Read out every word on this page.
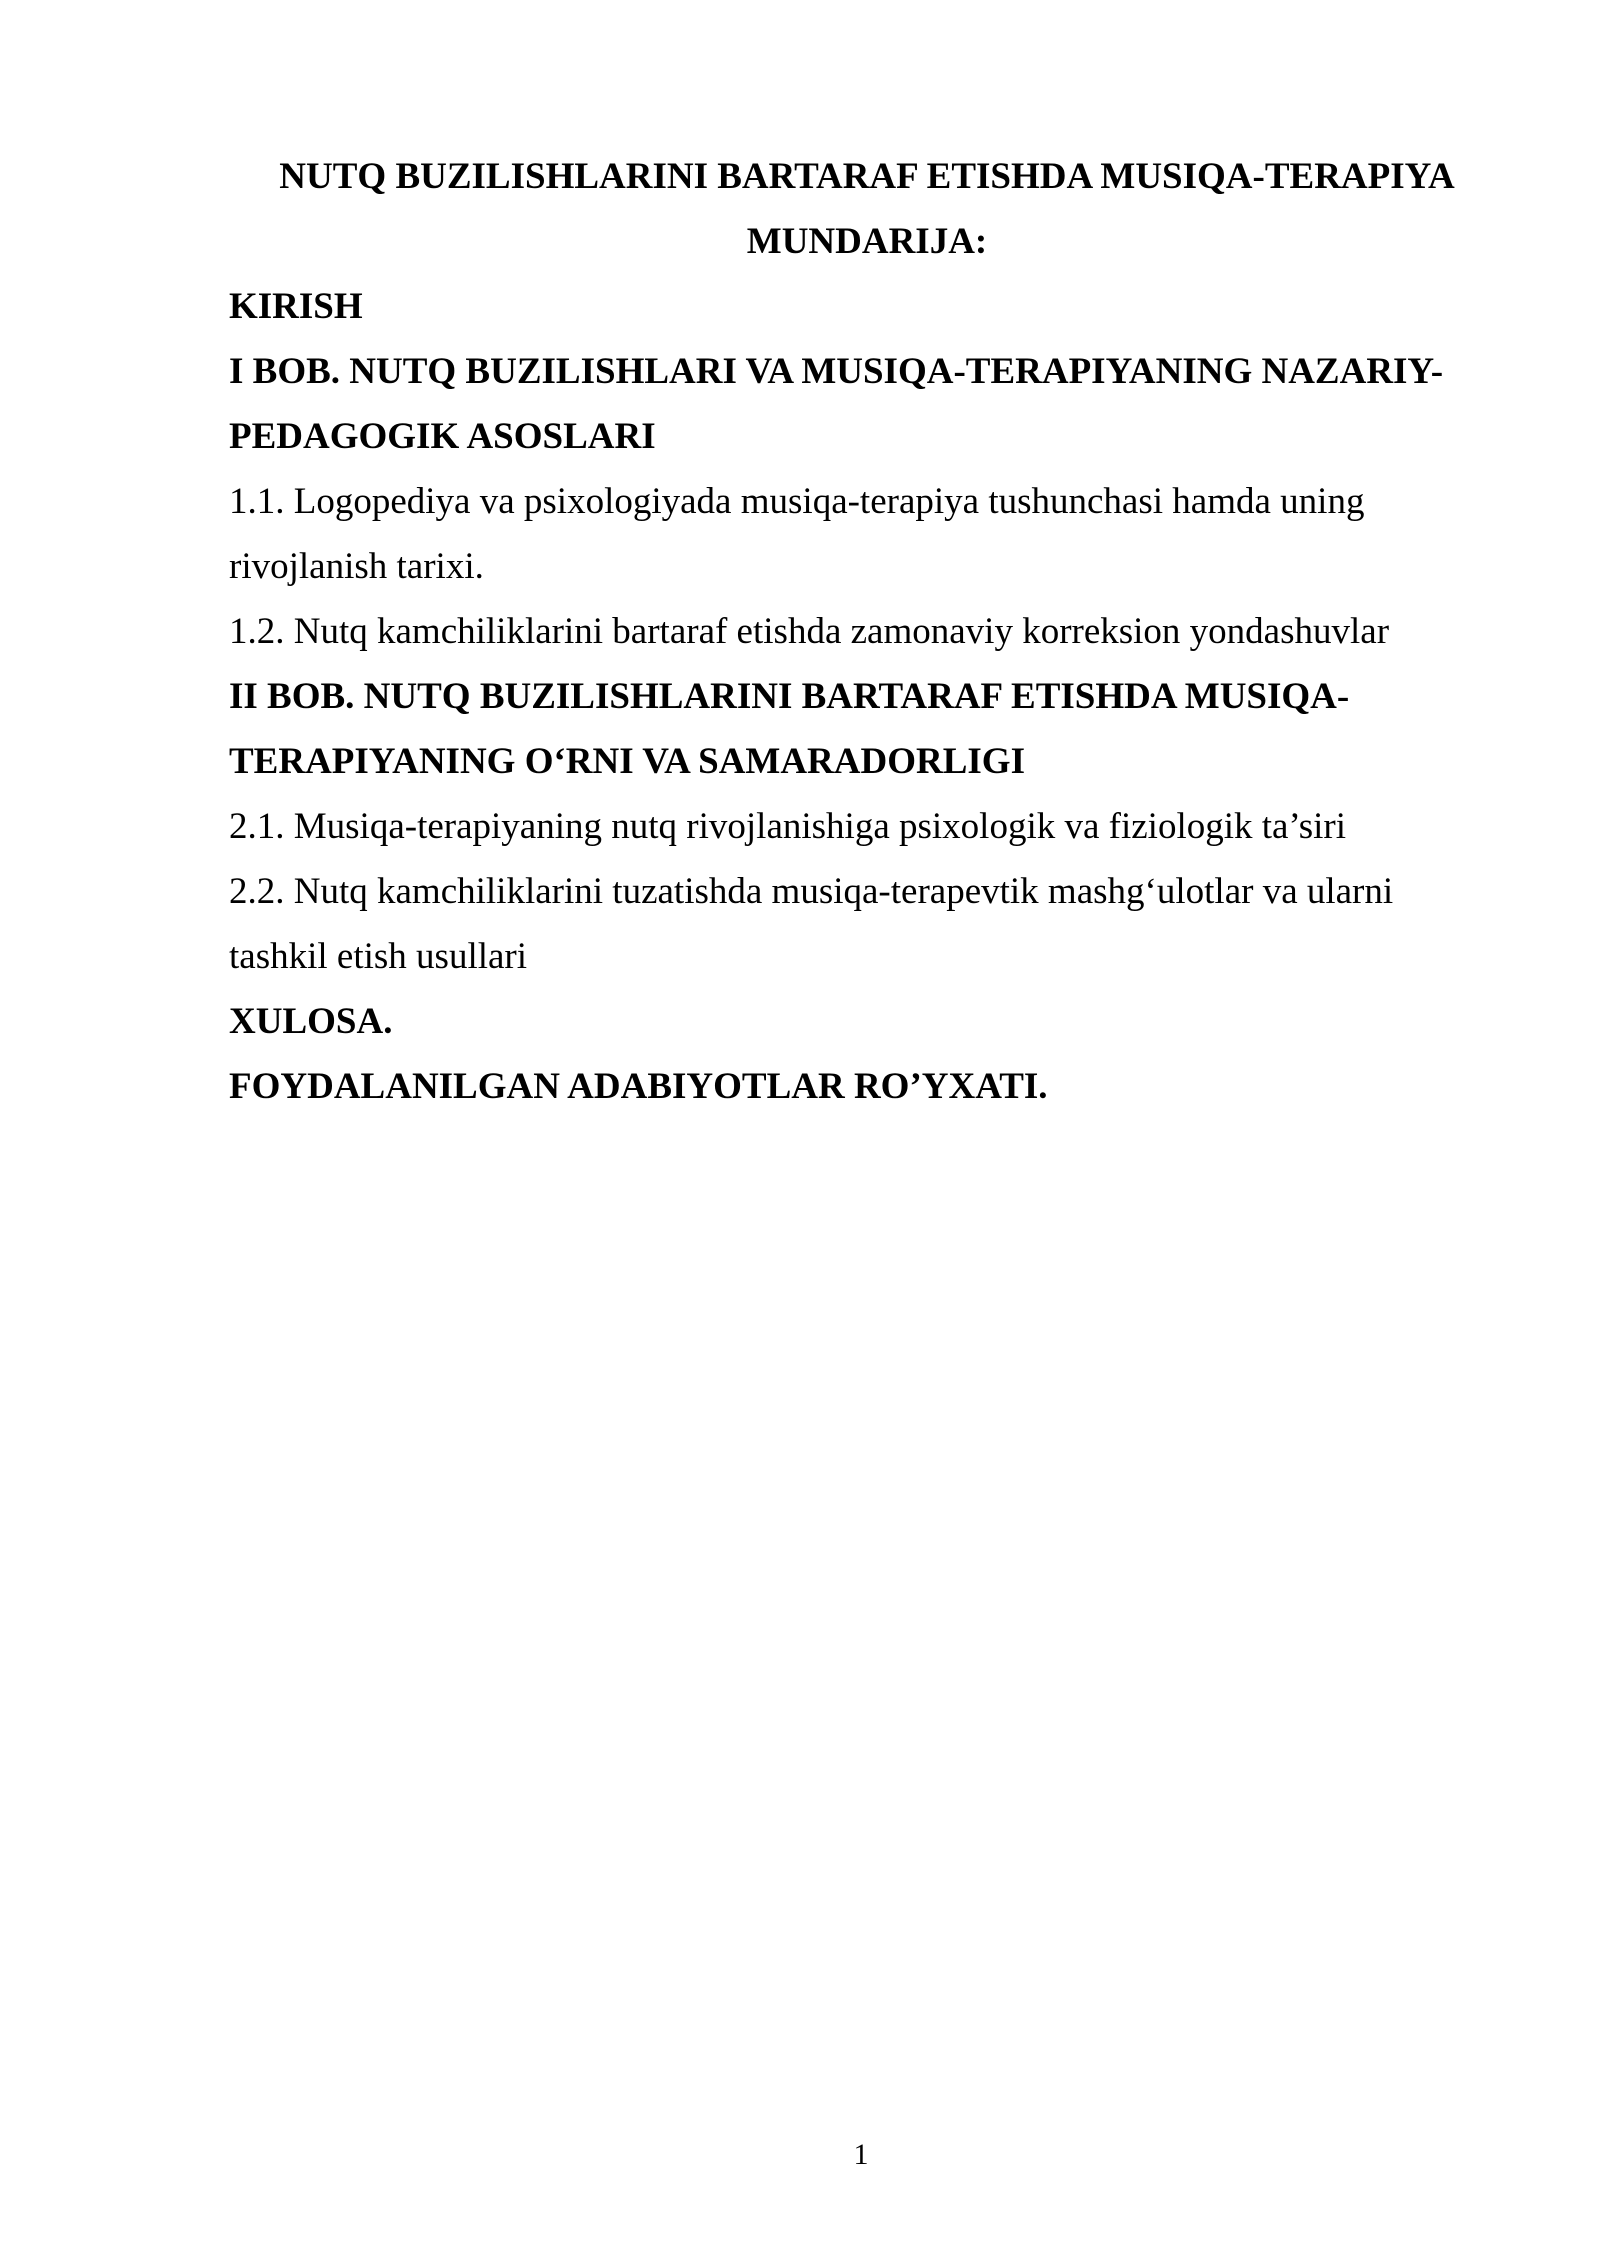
NUTQ BUZILISHLARINI BARTARAF ETISHDA MUSIQA-TERAPIYA

MUNDARIJA:

KIRISH

I BOB. NUTQ BUZILISHLARI VA MUSIQA-TERAPIYANING NAZARIY-

PEDAGOGIK ASOSLARI

1.1. Logopediya va psixologiyada musiqa-terapiya tushunchasi hamda uning

rivojlanish tarixi.

1.2. Nutq kamchiliklarini bartaraf etishda zamonaviy korreksion yondashuvlar

II BOB. NUTQ BUZILISHLARINI BARTARAF ETISHDA MUSIQA-

TERAPIYANING O‘RNI VA SAMARADORLIGI

2.1. Musiqa-terapiyaning nutq rivojlanishiga psixologik va fiziologik ta’siri

2.2. Nutq kamchiliklarini tuzatishda musiqa-terapevtik mashg‘ulotlar va ularni

tashkil etish usullari

XULOSA.

FOYDALANILGAN ADABIYOTLAR RO’YXATI.

1
